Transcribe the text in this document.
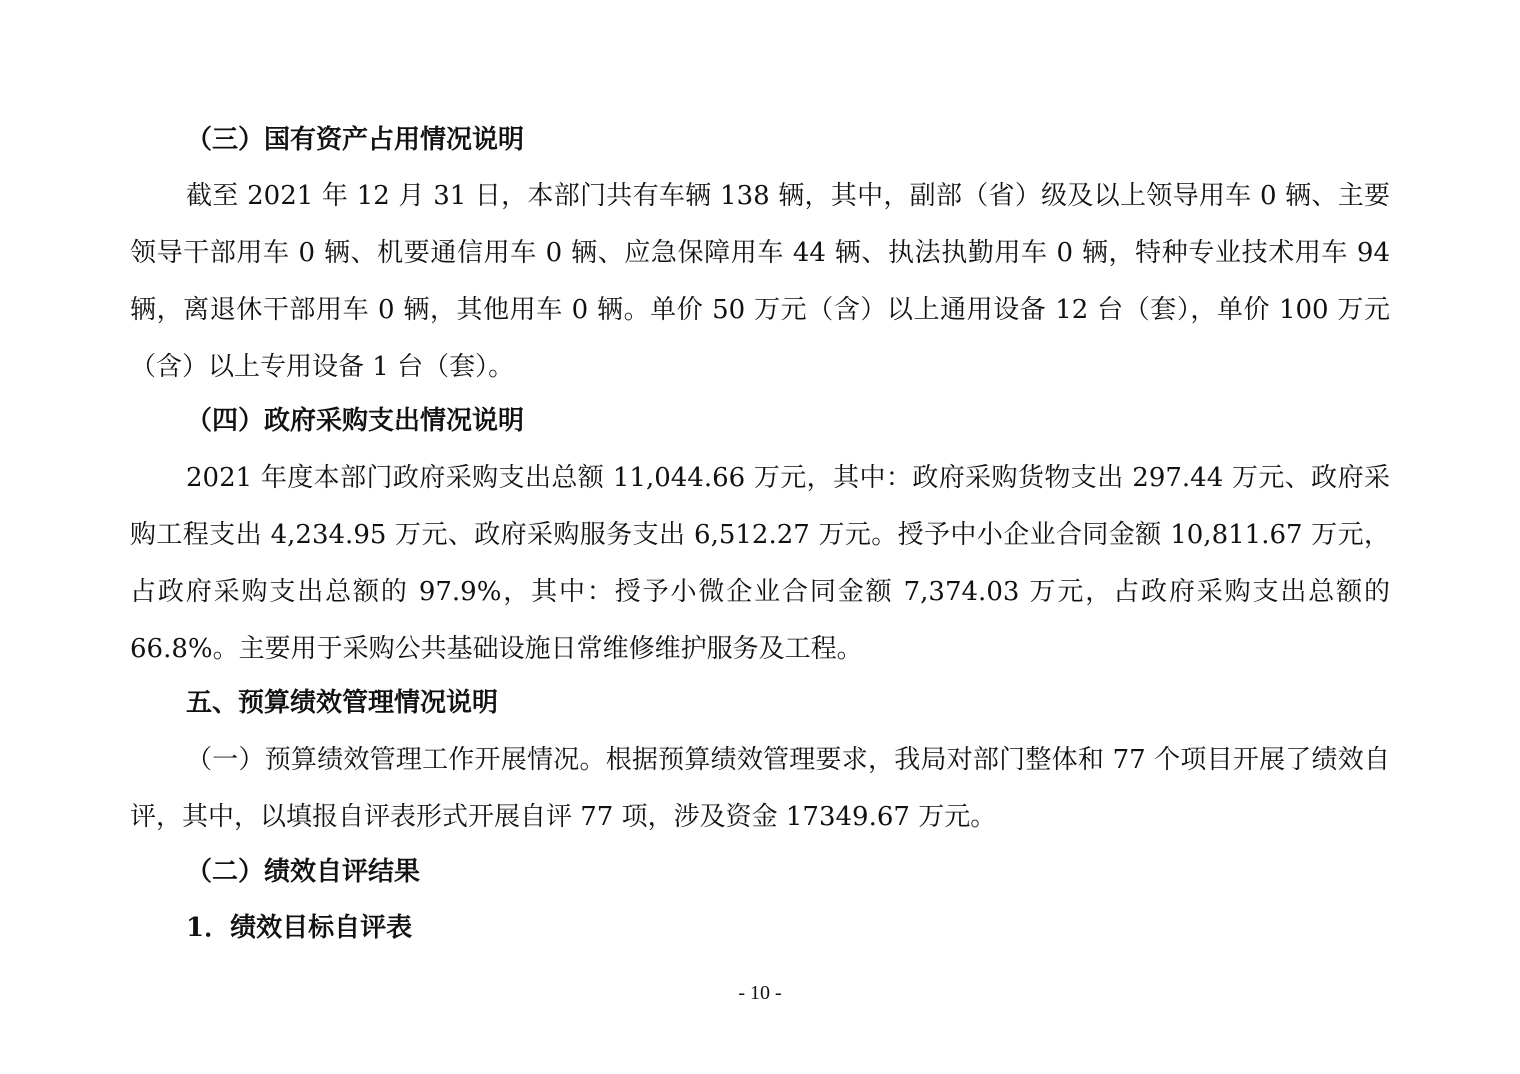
（三）国有资产占用情况说明

截至 2021 年 12 月 31 日，本部门共有车辆 138 辆，其中，副部（省）级及以上领导用车 0 辆、主要领导干部用车 0 辆、机要通信用车 0 辆、应急保障用车 44 辆、执法执勤用车 0 辆，特种专业技术用车 94 辆，离退休干部用车 0 辆，其他用车 0 辆。单价 50 万元（含）以上通用设备 12 台（套），单价 100 万元（含）以上专用设备 1 台（套）。

（四）政府采购支出情况说明

2021 年度本部门政府采购支出总额 11,044.66 万元，其中：政府采购货物支出 297.44 万元、政府采购工程支出 4,234.95 万元、政府采购服务支出 6,512.27 万元。授予中小企业合同金额 10,811.67 万元，占政府采购支出总额的 97.9%，其中：授予小微企业合同金额 7,374.03 万元，占政府采购支出总额的 66.8%。主要用于采购公共基础设施日常维修维护服务及工程。

五、预算绩效管理情况说明

（一）预算绩效管理工作开展情况。根据预算绩效管理要求，我局对部门整体和 77 个项目开展了绩效自评，其中，以填报自评表形式开展自评 77 项，涉及资金 17349.67 万元。

（二）绩效自评结果
1．绩效目标自评表
- 10 -
